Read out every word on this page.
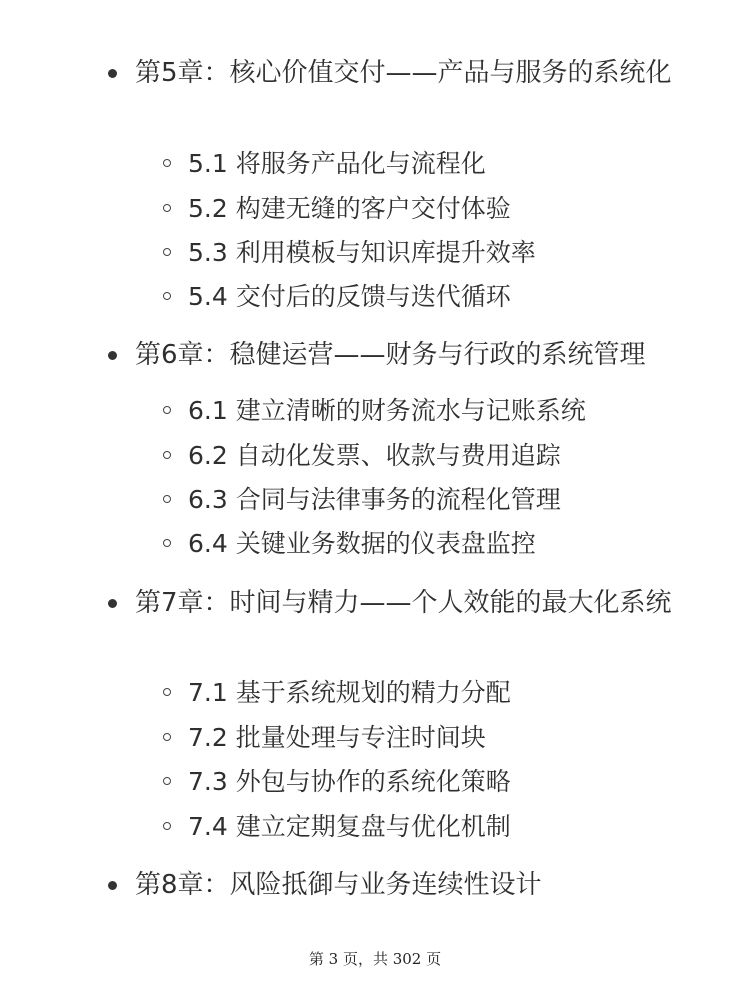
第5章：核心价值交付——产品与服务的系统化
5.1 将服务产品化与流程化
5.2 构建无缝的客户交付体验
5.3 利用模板与知识库提升效率
5.4 交付后的反馈与迭代循环
第6章：稳健运营——财务与行政的系统管理
6.1 建立清晰的财务流水与记账系统
6.2 自动化发票、收款与费用追踪
6.3 合同与法律事务的流程化管理
6.4 关键业务数据的仪表盘监控
第7章：时间与精力——个人效能的最大化系统
7.1 基于系统规划的精力分配
7.2 批量处理与专注时间块
7.3 外包与协作的系统化策略
7.4 建立定期复盘与优化机制
第8章：风险抵御与业务连续性设计
第 3 页，共 302 页
